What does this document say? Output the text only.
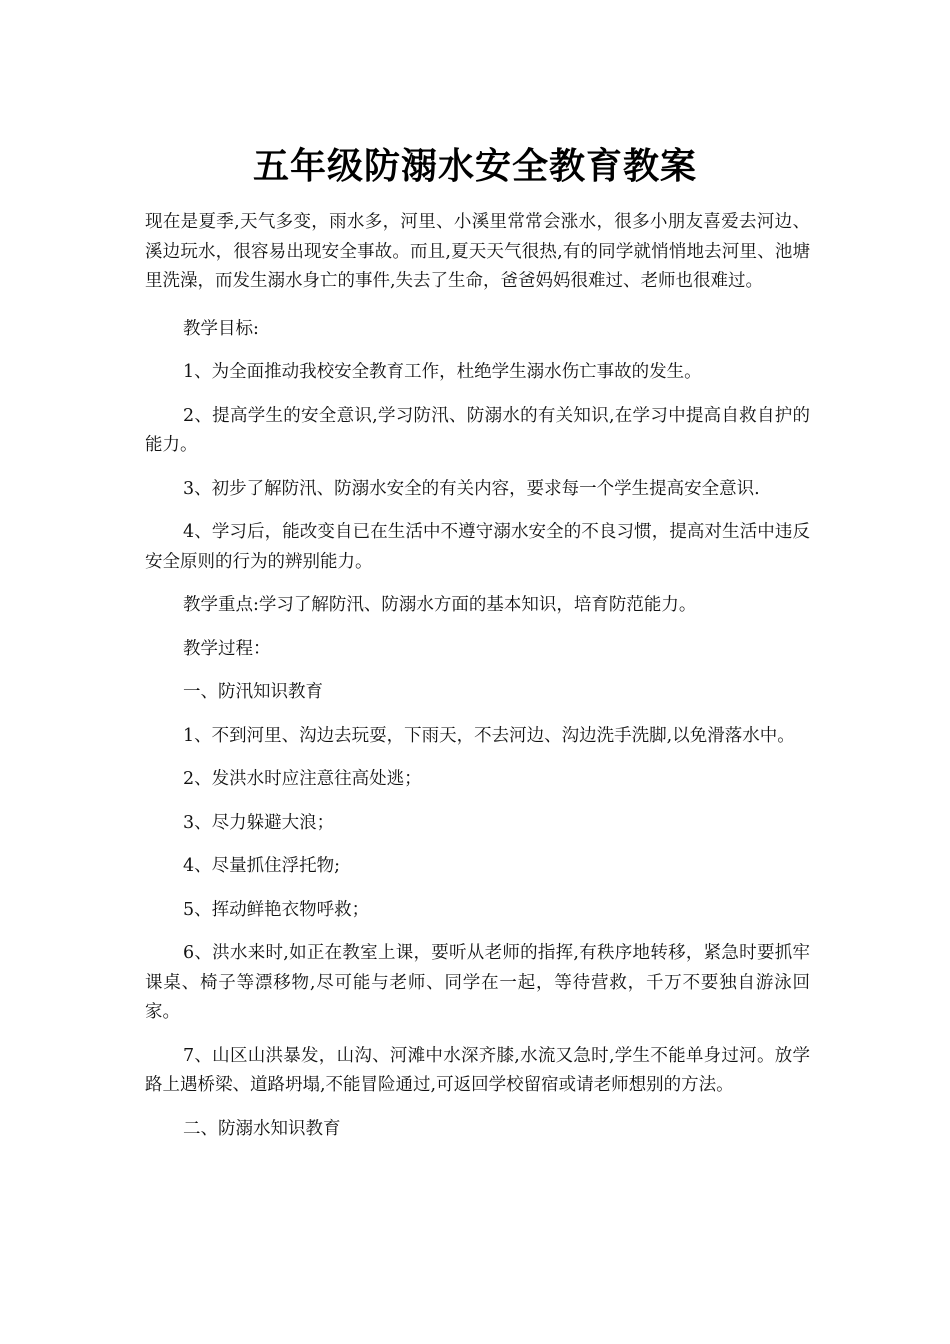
五年级防溺水安全教育教案

现在是夏季,天气多变，雨水多，河里、小溪里常常会涨水，很多小朋友喜爱去河边、溪边玩水，很容易出现安全事故。而且,夏天天气很热,有的同学就悄悄地去河里、池塘里洗澡，而发生溺水身亡的事件,失去了生命，爸爸妈妈很难过、老师也很难过。

教学目标:

1、为全面推动我校安全教育工作，杜绝学生溺水伤亡事故的发生。

2、提高学生的安全意识,学习防汛、防溺水的有关知识,在学习中提高自救自护的能力。

3、初步了解防汛、防溺水安全的有关内容，要求每一个学生提高安全意识.

4、学习后，能改变自已在生活中不遵守溺水安全的不良习惯，提高对生活中违反安全原则的行为的辨别能力。

教学重点:学习了解防汛、防溺水方面的基本知识，培育防范能力。

教学过程：

一、防汛知识教育

1、不到河里、沟边去玩耍，下雨天，不去河边、沟边洗手洗脚,以免滑落水中。

2、发洪水时应注意往高处逃；

3、尽力躲避大浪；

4、尽量抓住浮托物;

5、挥动鲜艳衣物呼救；

6、洪水来时,如正在教室上课，要听从老师的指挥,有秩序地转移，紧急时要抓牢课桌、椅子等漂移物,尽可能与老师、同学在一起，等待营救，千万不要独自游泳回家。

7、山区山洪暴发，山沟、河滩中水深齐膝,水流又急时,学生不能单身过河。放学路上遇桥梁、道路坍塌,不能冒险通过,可返回学校留宿或请老师想别的方法。

二、防溺水知识教育
